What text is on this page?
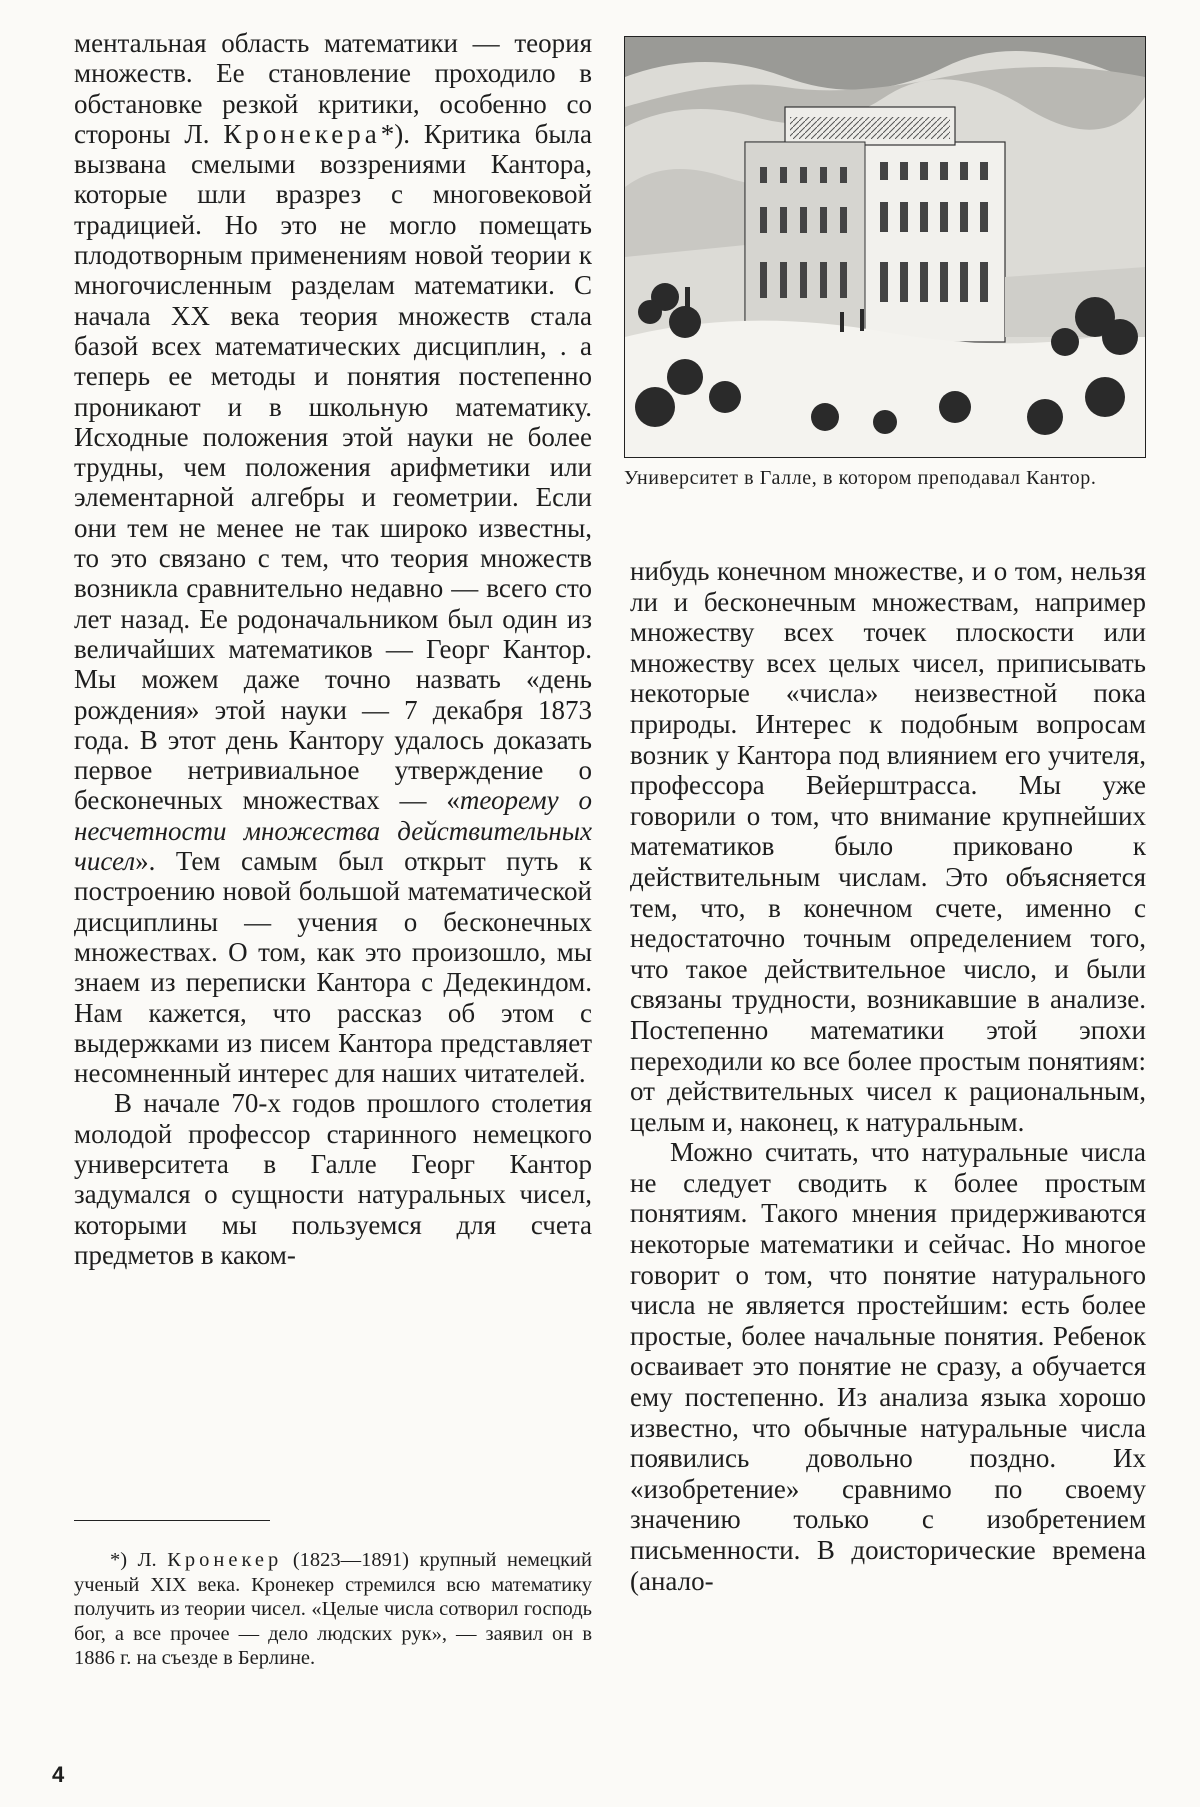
ментальная область математики — теория множеств. Ее становление проходило в обстановке резкой критики, особенно со стороны Л. Кронекера*). Критика была вызвана смелыми воззрениями Кантора, которые шли вразрез с многовековой традицией. Но это не могло помещать плодотворным применениям новой теории к многочисленным разделам математики. С начала XX века теория множеств стала базой всех математических дисциплин, . а теперь ее методы и понятия постепенно проникают и в школьную математику. Исходные положения этой науки не более трудны, чем положения арифметики или элементарной алгебры и геометрии. Если они тем не менее не так широко известны, то это связано с тем, что теория множеств возникла сравнительно недавно — всего сто лет назад. Ее родоначальником был один из величайших математиков — Георг Кантор. Мы можем даже точно назвать «день рождения» этой науки — 7 декабря 1873 года. В этот день Кантору удалось доказать первое нетривиальное утверждение о бесконечных множествах — «теорему о несчетности множества действительных чисел». Тем самым был открыт путь к построению новой большой математической дисциплины — учения о бесконечных множествах. О том, как это произошло, мы знаем из переписки Кантора с Дедекиндом. Нам кажется, что рассказ об этом с выдержками из писем Кантора представляет несомненный интерес для наших читателей.

В начале 70-х годов прошлого столетия молодой профессор старинного немецкого университета в Галле Георг Кантор задумался о сущности натуральных чисел, которыми мы пользуемся для счета предметов в каком-

Университет в Галле, в котором преподавал Кантор.

нибудь конечном множестве, и о том, нельзя ли и бесконечным множествам, например множеству всех точек плоскости или множеству всех целых чисел, приписывать некоторые «числа» неизвестной пока природы. Интерес к подобным вопросам возник у Кантора под влиянием его учителя, профессора Вейерштрасса. Мы уже говорили о том, что внимание крупнейших математиков было приковано к действительным числам. Это объясняется тем, что, в конечном счете, именно с недостаточно точным определением того, что такое действительное число, и были связаны трудности, возникавшие в анализе. Постепенно математики этой эпохи переходили ко все более простым понятиям: от действительных чисел к рациональным, целым и, наконец, к натуральным.

Можно считать, что натуральные числа не следует сводить к более простым понятиям. Такого мнения придерживаются некоторые математики и сейчас. Но многое говорит о том, что понятие натурального числа не является простейшим: есть более простые, более начальные понятия. Ребенок осваивает это понятие не сразу, а обучается ему постепенно. Из анализа языка хорошо известно, что обычные натуральные числа появились довольно поздно. Их «изобретение» сравнимо по своему значению только с изобретением письменности. В доисторические времена (анало-

*) Л. Кронекер (1823—1891) крупный немецкий ученый XIX века. Кронекер стремился всю математику получить из теории чисел. «Целые числа сотворил господь бог, а все прочее — дело людских рук», — заявил он в 1886 г. на съезде в Берлине.
4
